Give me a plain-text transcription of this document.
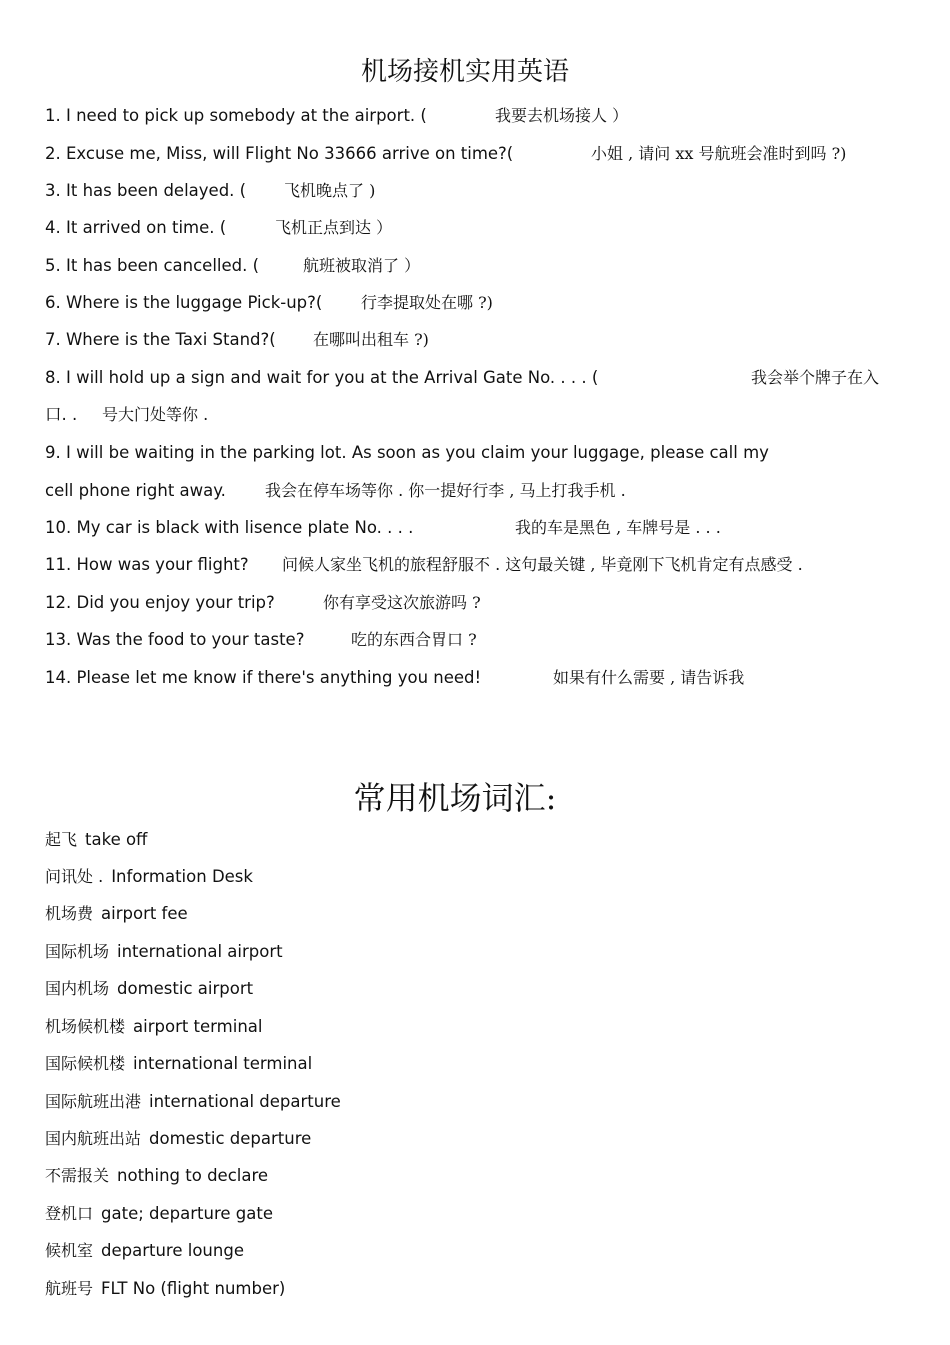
机场接机实用英语
1. I need to pick up somebody at the airport. (	我要去机场接人 ）
2. Excuse me, Miss, will Flight No 33666 arrive on time?(	小姐 , 请问 xx 号航班会准时到吗 ?)
3. It has been delayed. ( 飞机晚点了 )
4. It arrived on time. (	飞机正点到达 ）
5. It has been cancelled. (	航班被取消了 ）
6. Where is the luggage Pick-up?( 行李提取处在哪 ?)
7. Where is the Taxi Stand?( 在哪叫出租车 ?)
8. I will hold up a sign and wait for you at the Arrival Gate No. . . . (	我会举个牌子在入
口. . 号大门处等你 .
9. I will be waiting in the parking lot. As soon as you claim your luggage, please call my
cell phone right away. 我会在停车场等你 . 你一提好行李 , 马上打我手机 .
10. My car is black with lisence plate No. . . .	我的车是黑色 , 车牌号是 . . .
11. How was your flight? 问候人家坐飞机的旅程舒服不 . 这句最关键 , 毕竟刚下飞机肯定有点感受 .
12. Did you enjoy your trip?	你有享受这次旅游吗 ?
13. Was the food to your taste?	吃的东西合胃口 ?
14. Please let me know if there's anything you need!	如果有什么需要 , 请告诉我
常用机场词汇:
起飞 take off
问讯处 . Information Desk
机场费 airport fee
国际机场 international airport
国内机场 domestic airport
机场候机楼 airport terminal
国际候机楼 international terminal
国际航班出港 international departure
国内航班出站 domestic departure
不需报关 nothing to declare
登机口 gate; departure gate
候机室 departure lounge
航班号 FLT No (flight number)
